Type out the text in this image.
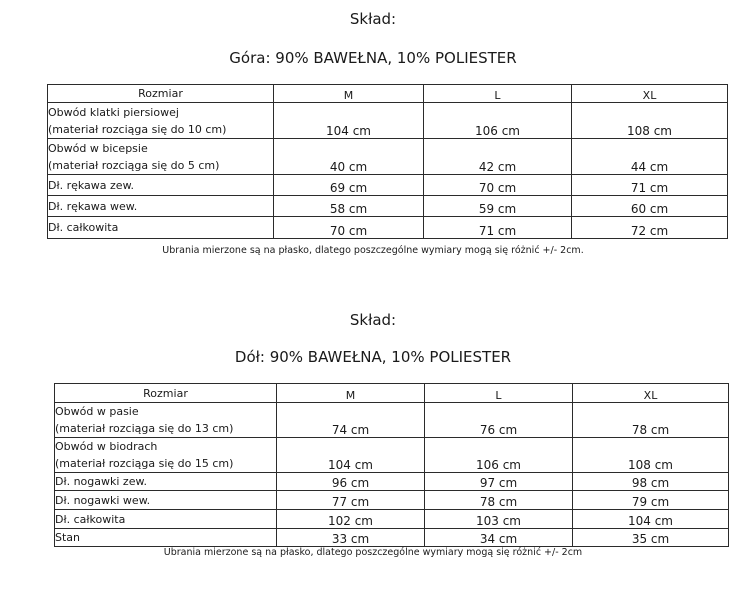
Skład:
Góra: 90% BAWEŁNA, 10% POLIESTER
Rozmiar	M	L	XL
Obwód klatki piersiowej
(materiał rozciąga się do 10 cm)	104 cm	106 cm	108 cm
Obwód w bicepsie
(materiał rozciąga się do 5 cm)	40 cm	42 cm	44 cm
Dł. rękawa zew.	69 cm	70 cm	71 cm
Dł. rękawa wew.	58 cm	59 cm	60 cm
Dł. całkowita	70 cm	71 cm	72 cm
Ubrania mierzone są na płasko, dlatego poszczególne wymiary mogą się różnić +/- 2cm.
Skład:
Dół: 90% BAWEŁNA, 10% POLIESTER
Rozmiar	M	L	XL
Obwód w pasie
(materiał rozciąga się do 13 cm)	74 cm	76 cm	78 cm
Obwód w biodrach
(materiał rozciąga się do 15 cm)	104 cm	106 cm	108 cm
Dł. nogawki zew.	96 cm	97 cm	98 cm
Dł. nogawki wew.	77 cm	78 cm	79 cm
Dł. całkowita	102 cm	103 cm	104 cm
Stan	33 cm	34 cm	35 cm
Ubrania mierzone są na płasko, dlatego poszczególne wymiary mogą się różnić +/- 2cm
